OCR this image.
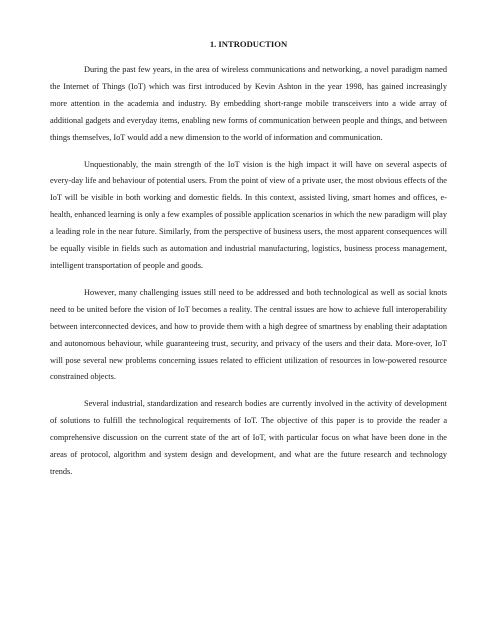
1. INTRODUCTION

During the past few years, in the area of wireless communications and networking, a novel paradigm named the Internet of Things (IoT) which was first introduced by Kevin Ashton in the year 1998, has gained increasingly more attention in the academia and industry. By embedding short-range mobile transceivers into a wide array of additional gadgets and everyday items, enabling new forms of communication between people and things, and between things themselves, IoT would add a new dimension to the world of information and communication.

Unquestionably, the main strength of the IoT vision is the high impact it will have on several aspects of every-day life and behaviour of potential users. From the point of view of a private user, the most obvious effects of the IoT will be visible in both working and domestic fields. In this context, assisted living, smart homes and offices, e-health, enhanced learning is only a few examples of possible application scenarios in which the new paradigm will play a leading role in the near future. Similarly, from the perspective of business users, the most apparent consequences will be equally visible in fields such as automation and industrial manufacturing, logistics, business process management, intelligent transportation of people and goods.

However, many challenging issues still need to be addressed and both technological as well as social knots need to be united before the vision of IoT becomes a reality. The central issues are how to achieve full interoperability between interconnected devices, and how to provide them with a high degree of smartness by enabling their adaptation and autonomous behaviour, while guaranteeing trust, security, and privacy of the users and their data. More-over, IoT will pose several new problems concerning issues related to efficient utilization of resources in low-powered resource constrained objects.

Several industrial, standardization and research bodies are currently involved in the activity of development of solutions to fulfill the technological requirements of IoT. The objective of this paper is to provide the reader a comprehensive discussion on the current state of the art of IoT, with particular focus on what have been done in the areas of protocol, algorithm and system design and development, and what are the future research and technology trends.
